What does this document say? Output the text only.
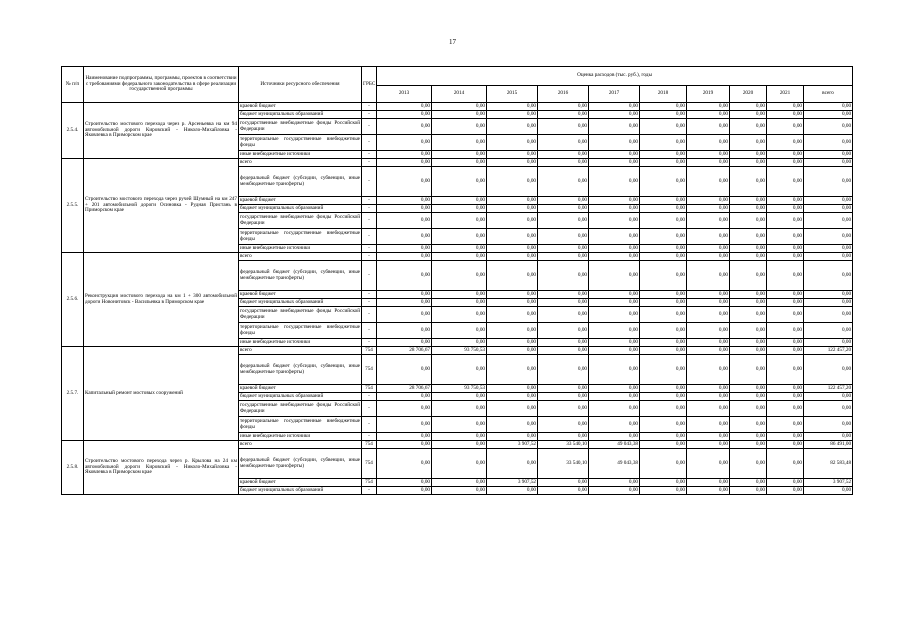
17
№ п/п	Наименование подпрограммы, программы, проектов в соответствии с требованиями федерального законодательства в сфере реализации государственной программы	Источники ресурсного обеспечения	ГРБС	Оценка расходов (тыс. руб.), годы									
				2013	2014	2015	2016	2017	2018	2019	2020	2021	всего
2.5.4.	Строительство мостового перехода через р. Арсеньевка на км 94 автомобильной дороги Кировский - Николо-Михайловка - Яковлевка в Приморском крае	краевой бюджет	-	0,00	0,00	0,00	0,00	0,00	0,00	0,00	0,00	0,00	0,00
		бюджет муниципальных образований	-	0,00	0,00	0,00	0,00	0,00	0,00	0,00	0,00	0,00	0,00
		государственные внебюджетные фонды Российской Федерации	-	0,00	0,00	0,00	0,00	0,00	0,00	0,00	0,00	0,00	0,00
		территориальные государственные внебюджетные фонды	-	0,00	0,00	0,00	0,00	0,00	0,00	0,00	0,00	0,00	0,00
		иные внебюджетные источники	-	0,00	0,00	0,00	0,00	0,00	0,00	0,00	0,00	0,00	0,00
2.5.5.	Строительство мостового перехода через ручей Шумный на км 247 + 201 автомобильной дороги Осиновка - Рудная Пристань в Приморском крае	всего	-	0,00	0,00	0,00	0,00	0,00	0,00	0,00	0,00	0,00	0,00
		федеральный бюджет (субсидии, субвенции, иные межбюджетные трансферты)	-	0,00	0,00	0,00	0,00	0,00	0,00	0,00	0,00	0,00	0,00
		краевой бюджет	-	0,00	0,00	0,00	0,00	0,00	0,00	0,00	0,00	0,00	0,00
		бюджет муниципальных образований	-	0,00	0,00	0,00	0,00	0,00	0,00	0,00	0,00	0,00	0,00
		государственные внебюджетные фонды Российской Федерации	-	0,00	0,00	0,00	0,00	0,00	0,00	0,00	0,00	0,00	0,00
		территориальные государственные внебюджетные фонды	-	0,00	0,00	0,00	0,00	0,00	0,00	0,00	0,00	0,00	0,00
		иные внебюджетные источники	-	0,00	0,00	0,00	0,00	0,00	0,00	0,00	0,00	0,00	0,00
2.5.6.	Реконструкция мостового перехода на км 1 + 300 автомобильной дороги Новонитовск - Васильевка в Приморском крае	всего	-	0,00	0,00	0,00	0,00	0,00	0,00	0,00	0,00	0,00	0,00
		федеральный бюджет (субсидии, субвенции, иные межбюджетные трансферты)	-	0,00	0,00	0,00	0,00	0,00	0,00	0,00	0,00	0,00	0,00
		краевой бюджет	-	0,00	0,00	0,00	0,00	0,00	0,00	0,00	0,00	0,00	0,00
		бюджет муниципальных образований	-	0,00	0,00	0,00	0,00	0,00	0,00	0,00	0,00	0,00	0,00
		государственные внебюджетные фонды Российской Федерации	-	0,00	0,00	0,00	0,00	0,00	0,00	0,00	0,00	0,00	0,00
		территориальные государственные внебюджетные фонды	-	0,00	0,00	0,00	0,00	0,00	0,00	0,00	0,00	0,00	0,00
		иные внебюджетные источники	-	0,00	0,00	0,00	0,00	0,00	0,00	0,00	0,00	0,00	0,00
2.5.7.	Капитальный ремонт мостовых сооружений	всего	754	28 706,67	93 750,53	0,00	0,00	0,00	0,00	0,00	0,00	0,00	122 457,20
		федеральный бюджет (субсидии, субвенции, иные межбюджетные трансферты)	754	0,00	0,00	0,00	0,00	0,00	0,00	0,00	0,00	0,00	0,00
		краевой бюджет	754	28 706,67	93 750,53	0,00	0,00	0,00	0,00	0,00	0,00	0,00	122 457,20
		бюджет муниципальных образований	-	0,00	0,00	0,00	0,00	0,00	0,00	0,00	0,00	0,00	0,00
		государственные внебюджетные фонды Российской Федерации	-	0,00	0,00	0,00	0,00	0,00	0,00	0,00	0,00	0,00	0,00
		территориальные государственные внебюджетные фонды	-	0,00	0,00	0,00	0,00	0,00	0,00	0,00	0,00	0,00	0,00
		иные внебюджетные источники	-	0,00	0,00	0,00	0,00	0,00	0,00	0,00	0,00	0,00	0,00
2.5.8.	Строительство мостового перехода через р. Крылова на 24 км автомобильной дороги Кировский - Николо-Михайловка - Яковлевка в Приморском крае	всего	754	0,00	0,00	3 907,52	33 540,10	49 043,38	0,00	0,00	0,00	0,00	86 491,00
		федеральный бюджет (субсидии, субвенции, иные межбюджетные трансферты)	754	0,00	0,00	0,00	33 540,10	49 043,38	0,00	0,00	0,00	0,00	82 583,48
		краевой бюджет	754	0,00	0,00	3 907,52	0,00	0,00	0,00	0,00	0,00	0,00	3 907,52
		бюджет муниципальных образований	-	0,00	0,00	0,00	0,00	0,00	0,00	0,00	0,00	0,00	0,00
